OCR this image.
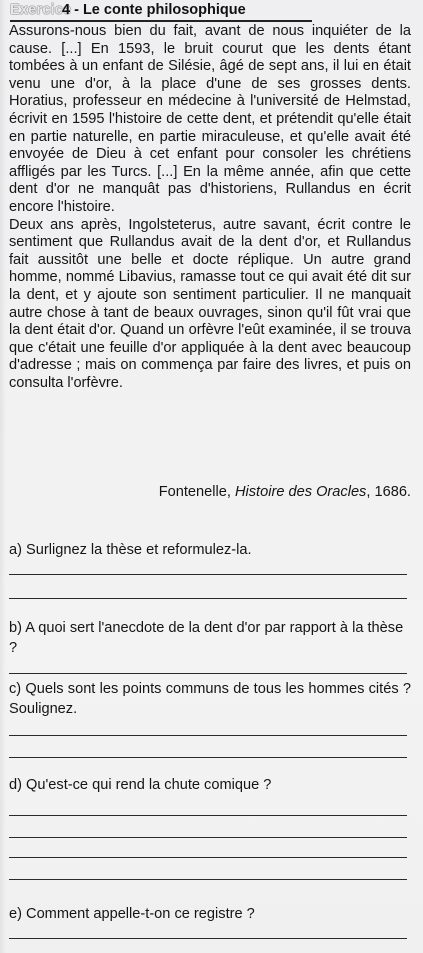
Exercice
4 - Le conte philosophique
Assurons-nous bien du fait, avant de nous inquiéter de la cause. [...] En 1593, le bruit courut que les dents étant tombées à un enfant de Silésie, âgé de sept ans, il lui en était venu une d'or, à la place d'une de ses grosses dents. Horatius, professeur en médecine à l'université de Helmstad, écrivit en 1595 l'histoire de cette dent, et prétendit qu'elle était en partie naturelle, en partie miraculeuse, et qu'elle avait été envoyée de Dieu à cet enfant pour consoler les chrétiens affligés par les Turcs. [...] En la même année, afin que cette dent d'or ne manquât pas d'historiens, Rullandus en écrit encore l'histoire.
Deux ans après, Ingolsteterus, autre savant, écrit contre le sentiment que Rullandus avait de la dent d'or, et Rullandus fait aussitôt une belle et docte réplique. Un autre grand homme, nommé Libavius, ramasse tout ce qui avait été dit sur la dent, et y ajoute son sentiment particulier. Il ne manquait autre chose à tant de beaux ouvrages, sinon qu'il fût vrai que la dent était d'or. Quand un orfèvre l'eût examinée, il se trouva que c'était une feuille d'or appliquée à la dent avec beaucoup d'adresse ; mais on commença par faire des livres, et puis on consulta l'orfèvre.
Fontenelle, Histoire des Oracles, 1686.

a) Surlignez la thèse et reformulez-la.

b) A quoi sert l'anecdote de la dent d'or par rapport à la thèse ?

c) Quels sont les points communs de tous les hommes cités ? Soulignez.

d) Qu'est-ce qui rend la chute comique ?

e) Comment appelle-t-on ce registre ?
